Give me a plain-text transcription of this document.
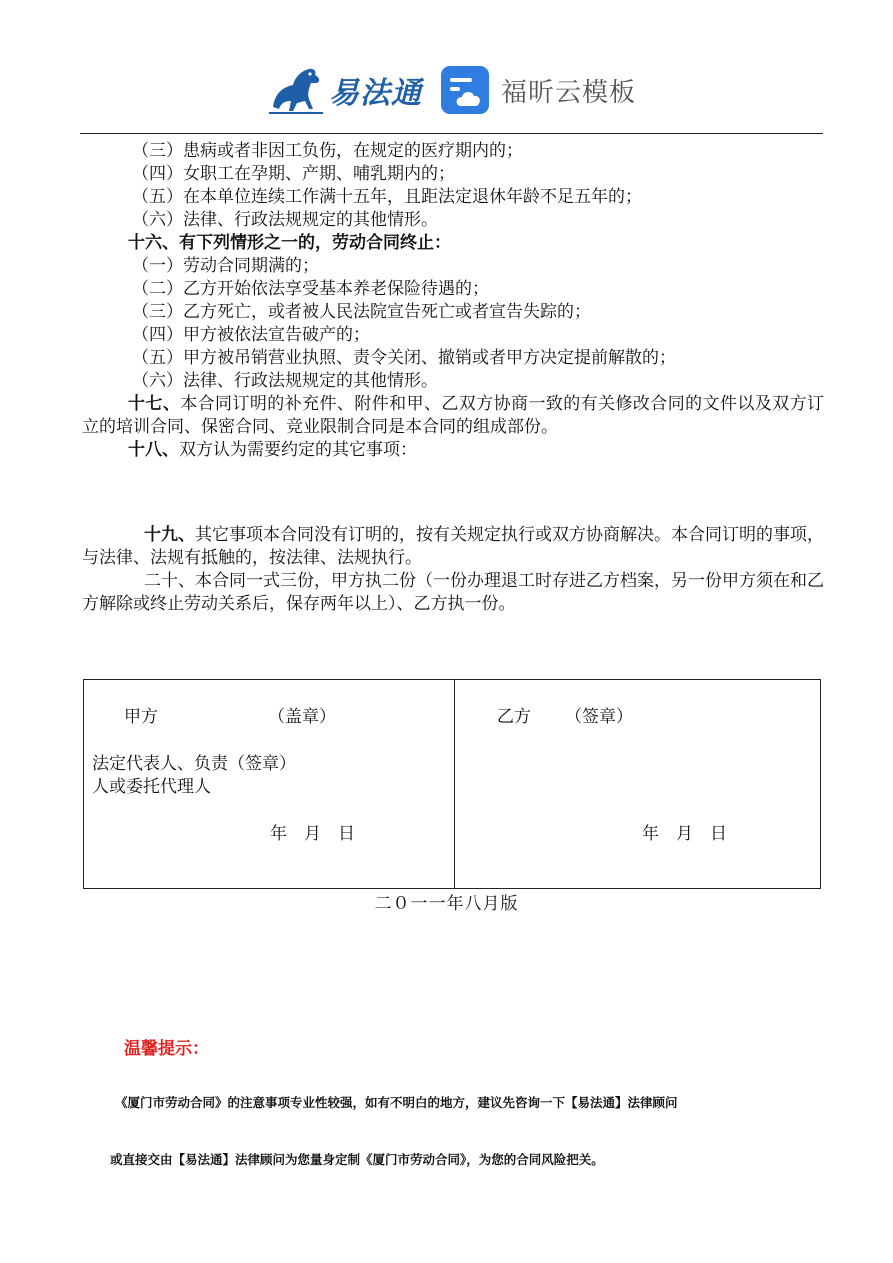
易法通	福昕云模板
（三）患病或者非因工负伤，在规定的医疗期内的；
（四）女职工在孕期、产期、哺乳期内的；
（五）在本单位连续工作满十五年，且距法定退休年龄不足五年的；
（六）法律、行政法规规定的其他情形。
十六、有下列情形之一的，劳动合同终止：
（一）劳动合同期满的；
（二）乙方开始依法享受基本养老保险待遇的；
（三）乙方死亡，或者被人民法院宣告死亡或者宣告失踪的；
（四）甲方被依法宣告破产的；
（五）甲方被吊销营业执照、责令关闭、撤销或者甲方决定提前解散的；
（六）法律、行政法规规定的其他情形。
十七、本合同订明的补充件、附件和甲、乙双方协商一致的有关修改合同的文件以及双方订立的培训合同、保密合同、竞业限制合同是本合同的组成部份。
十八、双方认为需要约定的其它事项：
十九、其它事项本合同没有订明的，按有关规定执行或双方协商解决。本合同订明的事项，与法律、法规有抵触的，按法律、法规执行。
二十、本合同一式三份，甲方执二份（一份办理退工时存进乙方档案，另一份甲方须在和乙方解除或终止劳动关系后，保存两年以上）、乙方执一份。
甲方	（盖章）
法定代表人、负责（签章）
人或委托代理人
年　月　日

乙方 （签章）
年　月　日
二０一一年八月版
温馨提示：
《厦门市劳动合同》的注意事项专业性较强，如有不明白的地方，建议先咨询一下【易法通】法律顾问
或直接交由【易法通】法律顾问为您量身定制《厦门市劳动合同》，为您的合同风险把关。
